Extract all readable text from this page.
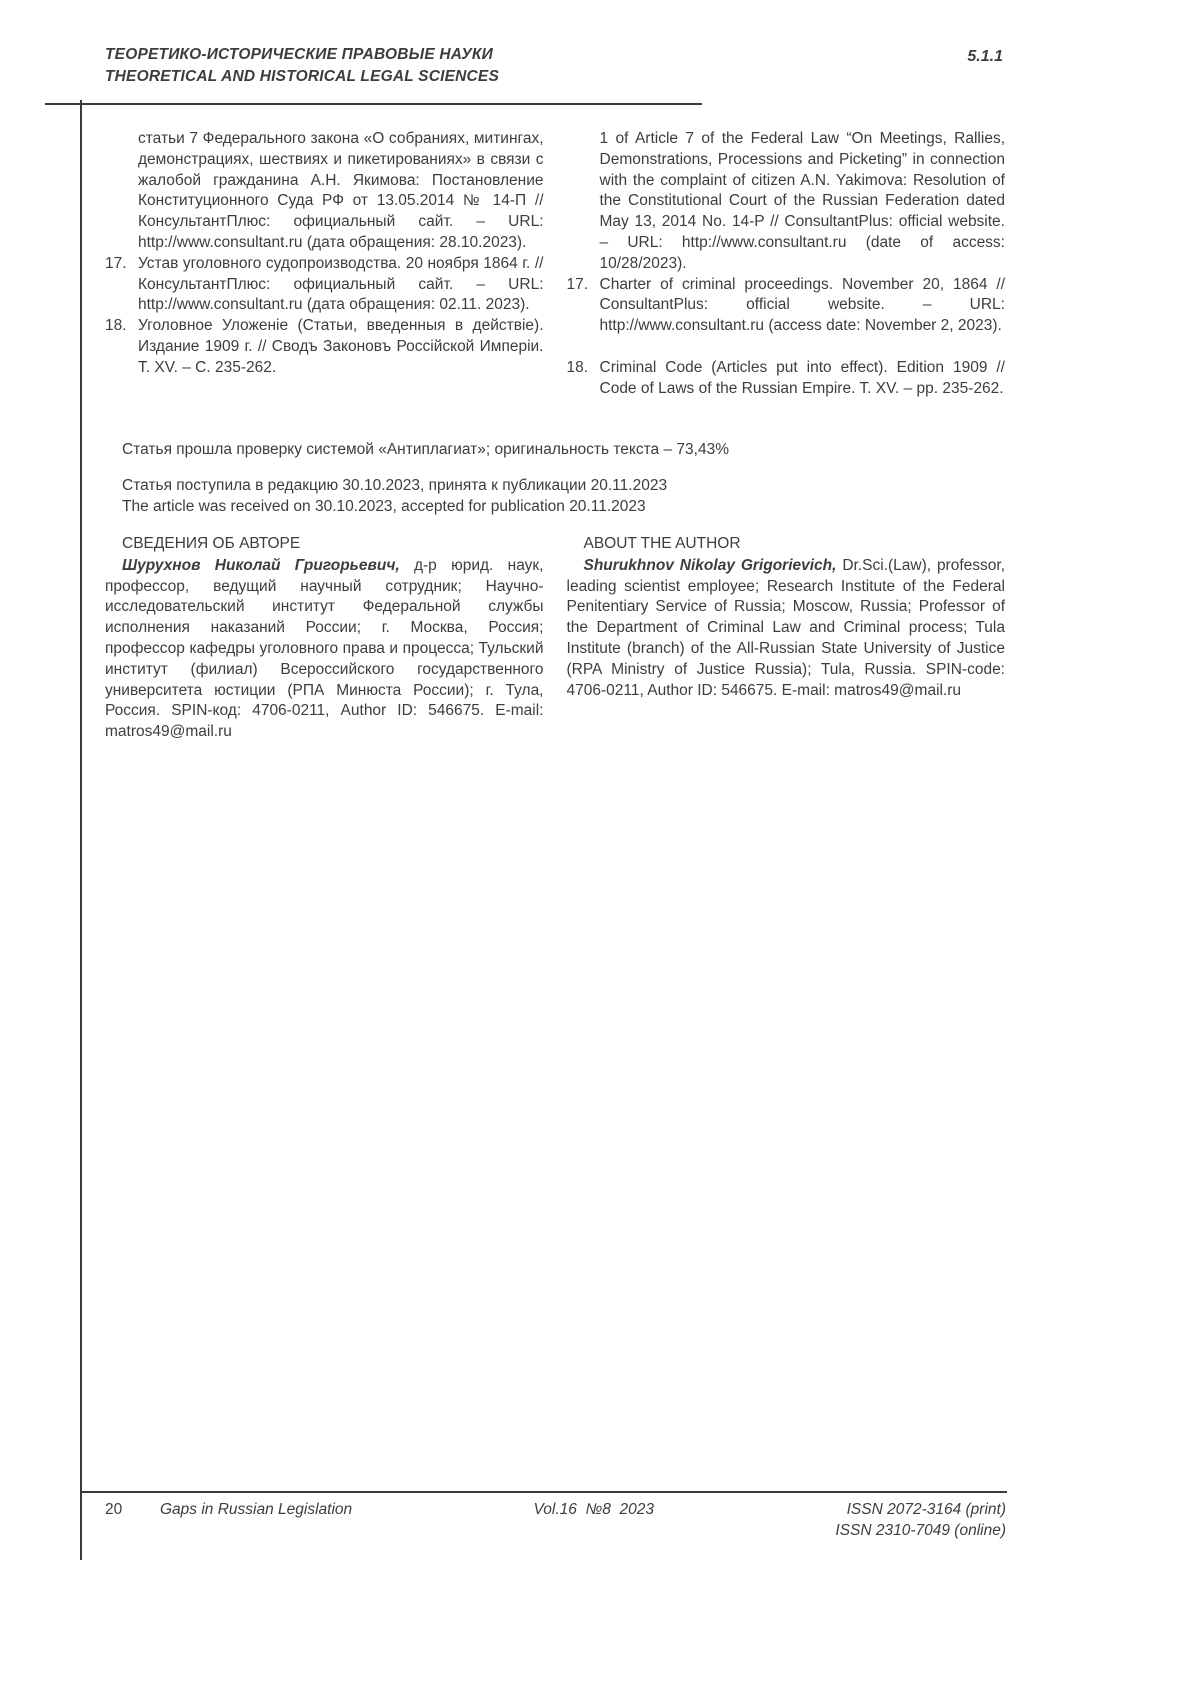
ТЕОРЕТИКО-ИСТОРИЧЕСКИЕ ПРАВОВЫЕ НАУКИ
THEORETICAL AND HISTORICAL LEGAL SCIENCES
5.1.1
статьи 7 Федерального закона «О собраниях, митингах, демонстрациях, шествиях и пикетированиях» в связи с жалобой гражданина А.Н. Якимова: Постановление Конституционного Суда РФ от 13.05.2014 № 14-П // КонсультантПлюс: официальный сайт. – URL: http://www.consultant.ru (дата обращения: 28.10.2023).
17. Устав уголовного судопроизводства. 20 ноября 1864 г. // КонсультантПлюс: официальный сайт. – URL: http://www.consultant.ru (дата обращения: 02.11. 2023).
18. Уголовное Уложеніе (Статьи, введенныя в действіе). Издание 1909 г. // Сводъ Законовъ Россійской Имперіи. Т. XV. – С. 235-262.
1 of Article 7 of the Federal Law “On Meetings, Rallies, Demonstrations, Processions and Picketing” in connection with the complaint of citizen A.N. Yakimova: Resolution of the Constitutional Court of the Russian Federation dated May 13, 2014 No. 14-P // ConsultantPlus: official website. – URL: http://www.consultant.ru (date of access: 10/28/2023).
17. Charter of criminal proceedings. November 20, 1864 // ConsultantPlus: official website. – URL: http://www.consultant.ru (access date: November 2, 2023).
18. Criminal Code (Articles put into effect). Edition 1909 // Code of Laws of the Russian Empire. T. XV. – pp. 235-262.

Статья прошла проверку системой «Антиплагиат»; оригинальность текста – 73,43%

Статья поступила в редакцию 30.10.2023, принята к публикации 20.11.2023

The article was received on 30.10.2023, accepted for publication 20.11.2023

СВЕДЕНИЯ ОБ АВТОРЕ

Шурухнов Николай Григорьевич, д-р юрид. наук, профессор, ведущий научный сотрудник; Научно-исследовательский институт Федеральной службы исполнения наказаний России; г. Москва, Россия; профессор кафедры уголовного права и процесса; Тульский институт (филиал) Всероссийского государственного университета юстиции (РПА Минюста России); г. Тула, Россия. SPIN-код: 4706-0211, Author ID: 546675. E-mail: matros49@mail.ru

ABOUT THE AUTHOR

Shurukhnov Nikolay Grigorievich, Dr.Sci.(Law), professor, leading scientist employee; Research Institute of the Federal Penitentiary Service of Russia; Moscow, Russia; Professor of the Department of Criminal Law and Criminal process; Tula Institute (branch) of the All-Russian State University of Justice (RPA Ministry of Justice Russia); Tula, Russia. SPIN-code: 4706-0211, Author ID: 546675. E-mail: matros49@mail.ru

20	Gaps in Russian Legislation	Vol.16  №8  2023	ISSN 2072-3164 (print)
ISSN 2310-7049 (online)
